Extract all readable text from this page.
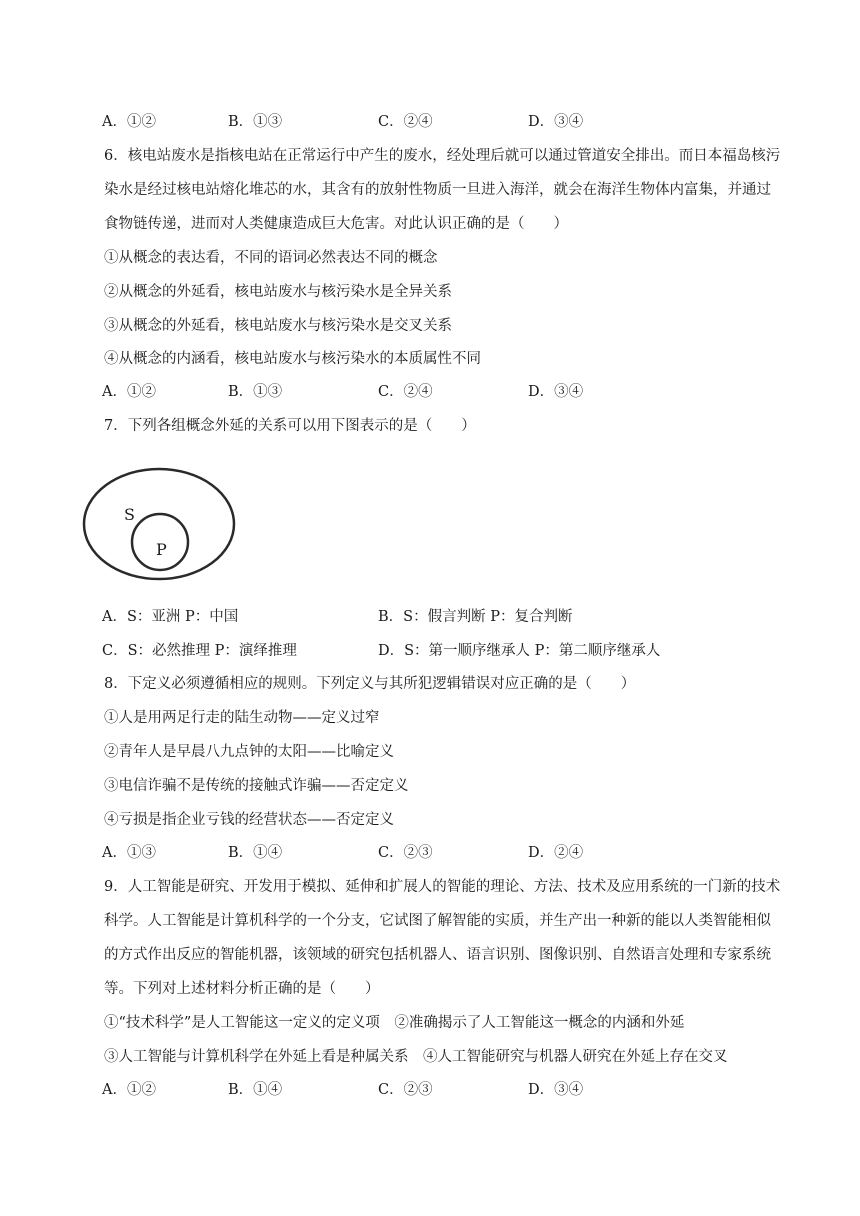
A．①②	B．①③	C．②④	D．③④
6．核电站废水是指核电站在正常运行中产生的废水，经处理后就可以通过管道安全排出。而日本福岛核污
染水是经过核电站熔化堆芯的水，其含有的放射性物质一旦进入海洋，就会在海洋生物体内富集，并通过
食物链传递，进而对人类健康造成巨大危害。对此认识正确的是（　　）
①从概念的表达看，不同的语词必然表达不同的概念
②从概念的外延看，核电站废水与核污染水是全异关系
③从概念的外延看，核电站废水与核污染水是交叉关系
④从概念的内涵看，核电站废水与核污染水的本质属性不同
A．①②	B．①③	C．②④	D．③④
7．下列各组概念外延的关系可以用下图表示的是（　　）
S
P
A．S：亚洲 P：中国	B．S：假言判断 P：复合判断
C．S：必然推理 P：演绎推理	D．S：第一顺序继承人 P：第二顺序继承人
8．下定义必须遵循相应的规则。下列定义与其所犯逻辑错误对应正确的是（　　）
①人是用两足行走的陆生动物——定义过窄
②青年人是早晨八九点钟的太阳——比喻定义
③电信诈骗不是传统的接触式诈骗——否定定义
④亏损是指企业亏钱的经营状态——否定定义
A．①③	B．①④	C．②③	D．②④
9．人工智能是研究、开发用于模拟、延伸和扩展人的智能的理论、方法、技术及应用系统的一门新的技术
科学。人工智能是计算机科学的一个分支，它试图了解智能的实质，并生产出一种新的能以人类智能相似
的方式作出反应的智能机器，该领域的研究包括机器人、语言识别、图像识别、自然语言处理和专家系统
等。下列对上述材料分析正确的是（　　）
①“技术科学”是人工智能这一定义的定义项　②准确揭示了人工智能这一概念的内涵和外延
③人工智能与计算机科学在外延上看是种属关系　④人工智能研究与机器人研究在外延上存在交叉
A．①②	B．①④	C．②③	D．③④
